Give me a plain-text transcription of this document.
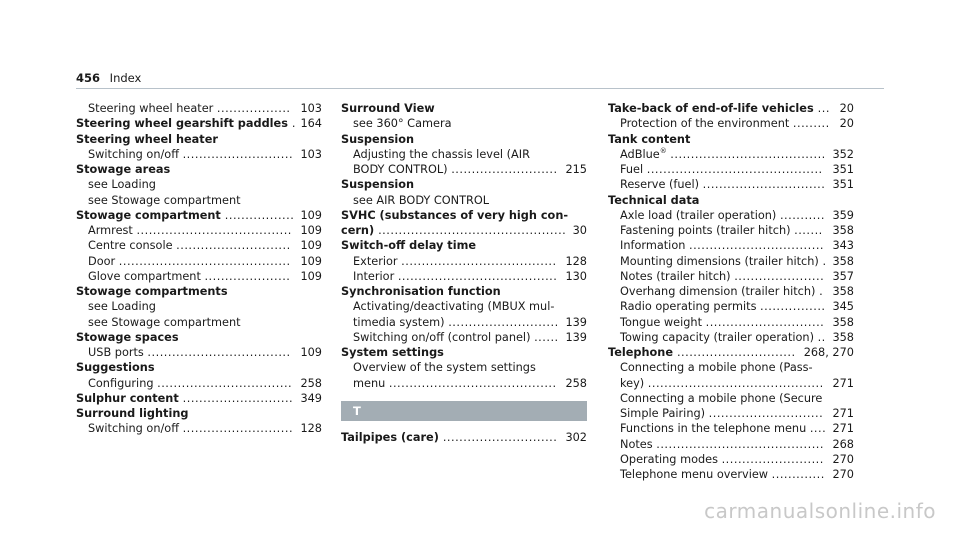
456 Index
Steering wheel heater .................. 103
Steering wheel gearshift paddles . 164
Steering wheel heater
Switching on/off ........................... 103
Stowage areas
see Loading
see Stowage compartment
Stowage compartment ................. 109
Armrest ...................................... 109
Centre console ............................ 109
Door .......................................... 109
Glove compartment ..................... 109
Stowage compartments
see Loading
see Stowage compartment
Stowage spaces
USB ports ................................... 109
Suggestions
Configuring ................................. 258
Sulphur content ........................... 349
Surround lighting
Switching on/off ........................... 128
Surround View
see 360° Camera
Suspension
Adjusting the chassis level (AIR
BODY CONTROL) .......................... 215
Suspension
see AIR BODY CONTROL
SVHC (substances of very high con-
cern) .............................................. 30
Switch-off delay time
Exterior ...................................... 128
Interior ....................................... 130
Synchronisation function
Activating/deactivating (MBUX mul-
timedia system) ........................... 139
Switching on/off (control panel) ...... 139
System settings
Overview of the system settings
menu ......................................... 258
T
Tailpipes (care) ............................ 302
Take-back of end-of-life vehicles ... 20
Protection of the environment ......... 20
Tank content
AdBlue® ...................................... 352
Fuel ........................................... 351
Reserve (fuel) .............................. 351
Technical data
Axle load (trailer operation) ........... 359
Fastening points (trailer hitch) ....... 358
Information ................................. 343
Mounting dimensions (trailer hitch) . 358
Notes (trailer hitch) ...................... 357
Overhang dimension (trailer hitch) . 358
Radio operating permits ................ 345
Tongue weight ............................. 358
Towing capacity (trailer operation) .. 358
Telephone ............................. 268, 270
Connecting a mobile phone (Pass-
key) ........................................... 271
Connecting a mobile phone (Secure
Simple Pairing) ............................ 271
Functions in the telephone menu .... 271
Notes ......................................... 268
Operating modes ......................... 270
Telephone menu overview ............. 270
carmanualsonline.info
